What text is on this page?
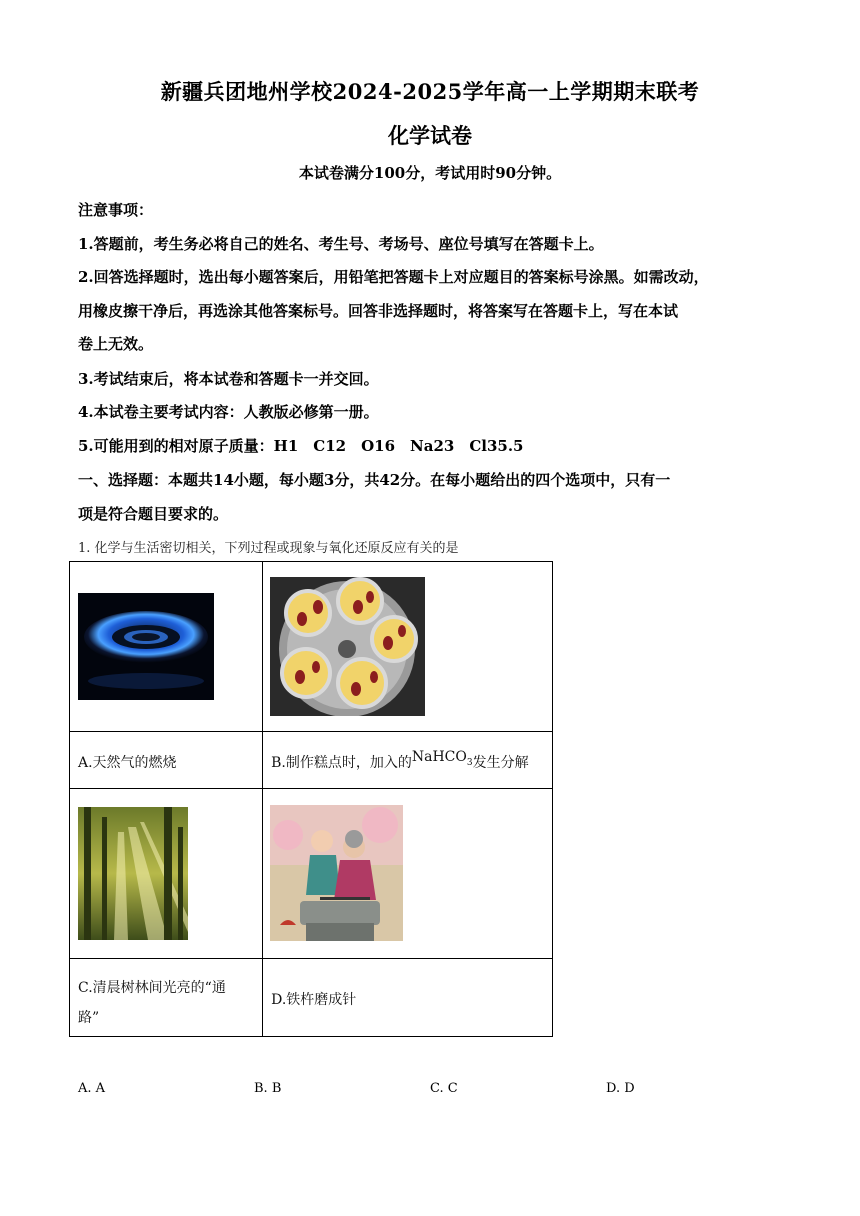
新疆兵团地州学校2024-2025学年高一上学期期末联考
化学试卷
本试卷满分100分，考试用时90分钟。
注意事项：
1.答题前，考生务必将自己的姓名、考生号、考场号、座位号填写在答题卡上。
2.回答选择题时，选出每小题答案后，用铅笔把答题卡上对应题目的答案标号涂黑。如需改动，
用橡皮擦干净后，再选涂其他答案标号。回答非选择题时，将答案写在答题卡上，写在本试
卷上无效。
3.考试结束后，将本试卷和答题卡一并交回。
4.本试卷主要考试内容：人教版必修第一册。
5.可能用到的相对原子质量：H1　C12　O16　Na23　Cl35.5
一、选择题：本题共14小题，每小题3分，共42分。在每小题给出的四个选项中，只有一
项是符合题目要求的。
1. 化学与生活密切相关，下列过程或现象与氧化还原反应有关的是

A.天然气的燃烧	B.制作糕点时，加入的NaHCO$_3$发生分解

C.清晨树林间光亮的“通
路”	D.铁杵磨成针
A. A	B. B	C. C	D. D
